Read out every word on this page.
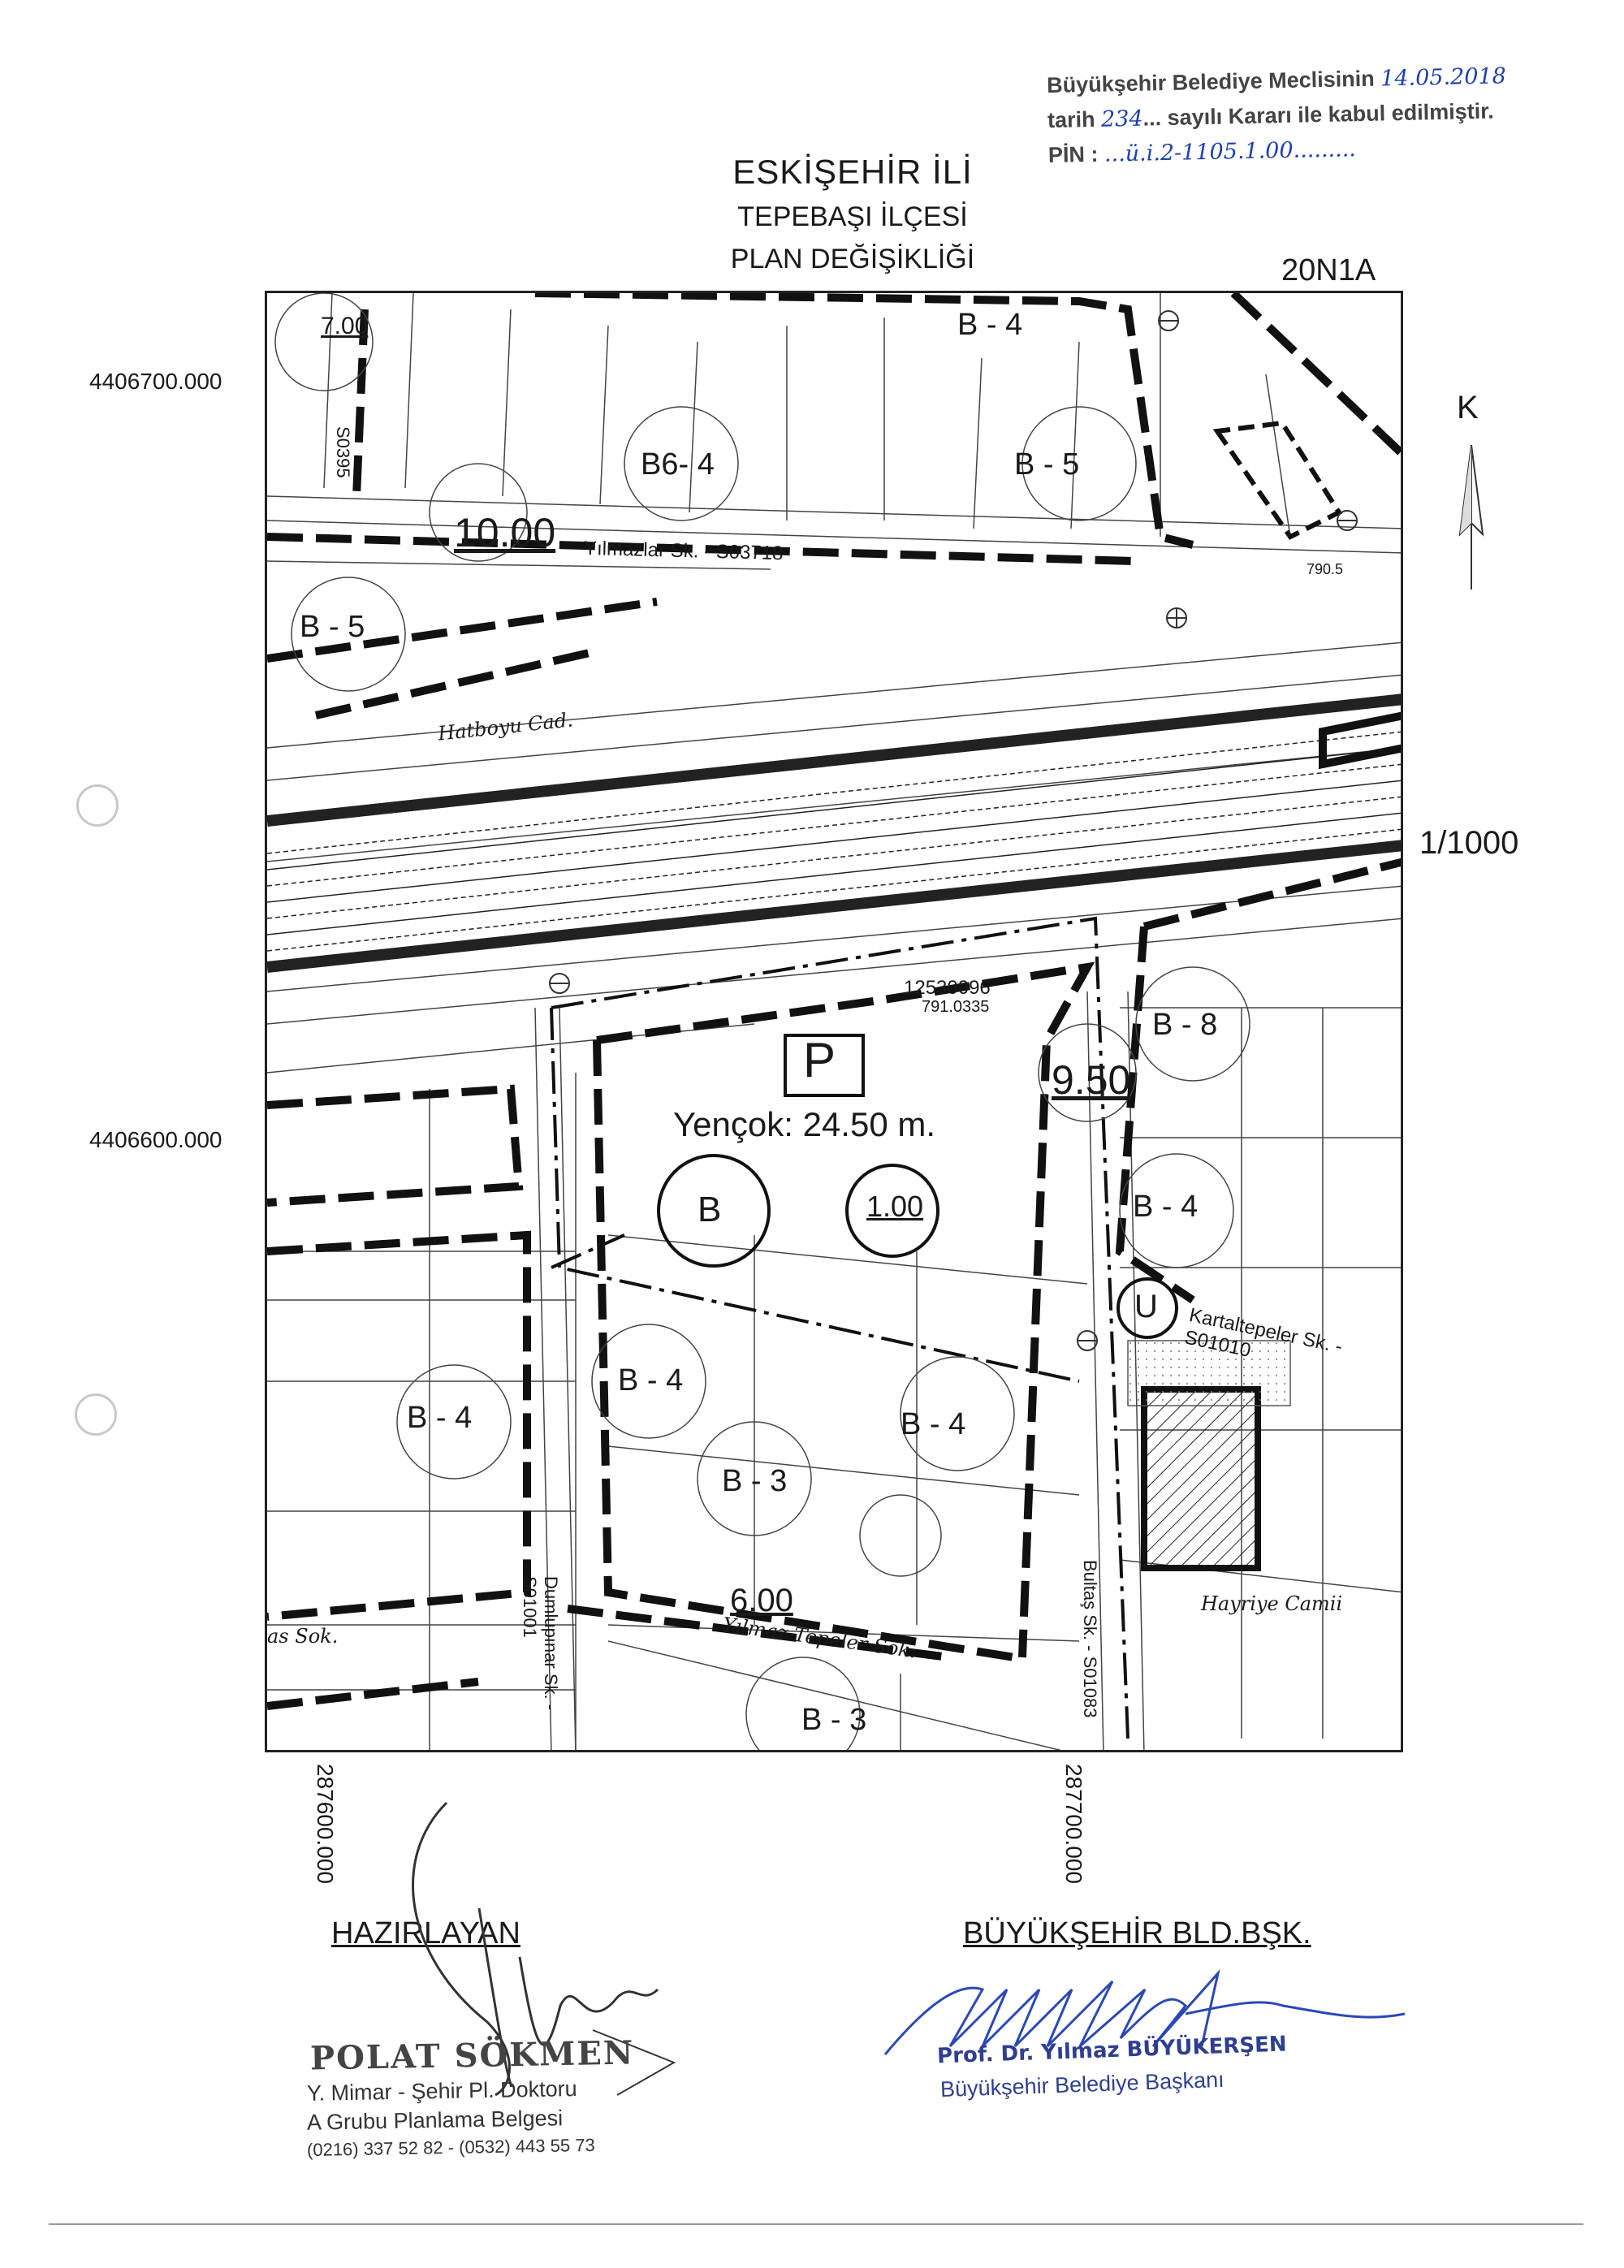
Büyükşehir Belediye Meclisinin 14.05.2018
tarih 234... sayılı Kararı ile kabul edilmiştir.
PİN : ...ü.i.2-1105.1.00.........
ESKİŞEHİR İLİ
TEPEBAŞI İLÇESİ
PLAN DEĞİŞİKLİĞİ	20N1A
K
1/1000
4406700.000
4406600.000
287600.000	287700.000
Yılmazlar Sk. - S03718
Hatboyu Cad.
Kartaltepeler Sk. - S01010
Dumlupınar Sk. - S01001
Yılmaz Tepeler Sok.	Bultaş Sk. - S01083
as Sok.
Hayriye Camii
B - 4
B6- 4	B - 5
B - 5
B - 8
B - 4
B - 4
B - 4
B - 4
B - 3
B - 3
7.00
10.00
9.50
6.00
P
Yençok: 24.50 m.
B	1.00
U
12530096
791.0335
790.5
S0395
HAZIRLAYAN	BÜYÜKŞEHİR BLD.BŞK.
POLAT SÖKMEN
Y. Mimar - Şehir Pl. Doktoru
A Grubu Planlama Belgesi
(0216) 337 52 82 - (0532) 443 55 73
Prof. Dr. Yılmaz BÜYÜKERŞEN
Büyükşehir Belediye Başkanı
